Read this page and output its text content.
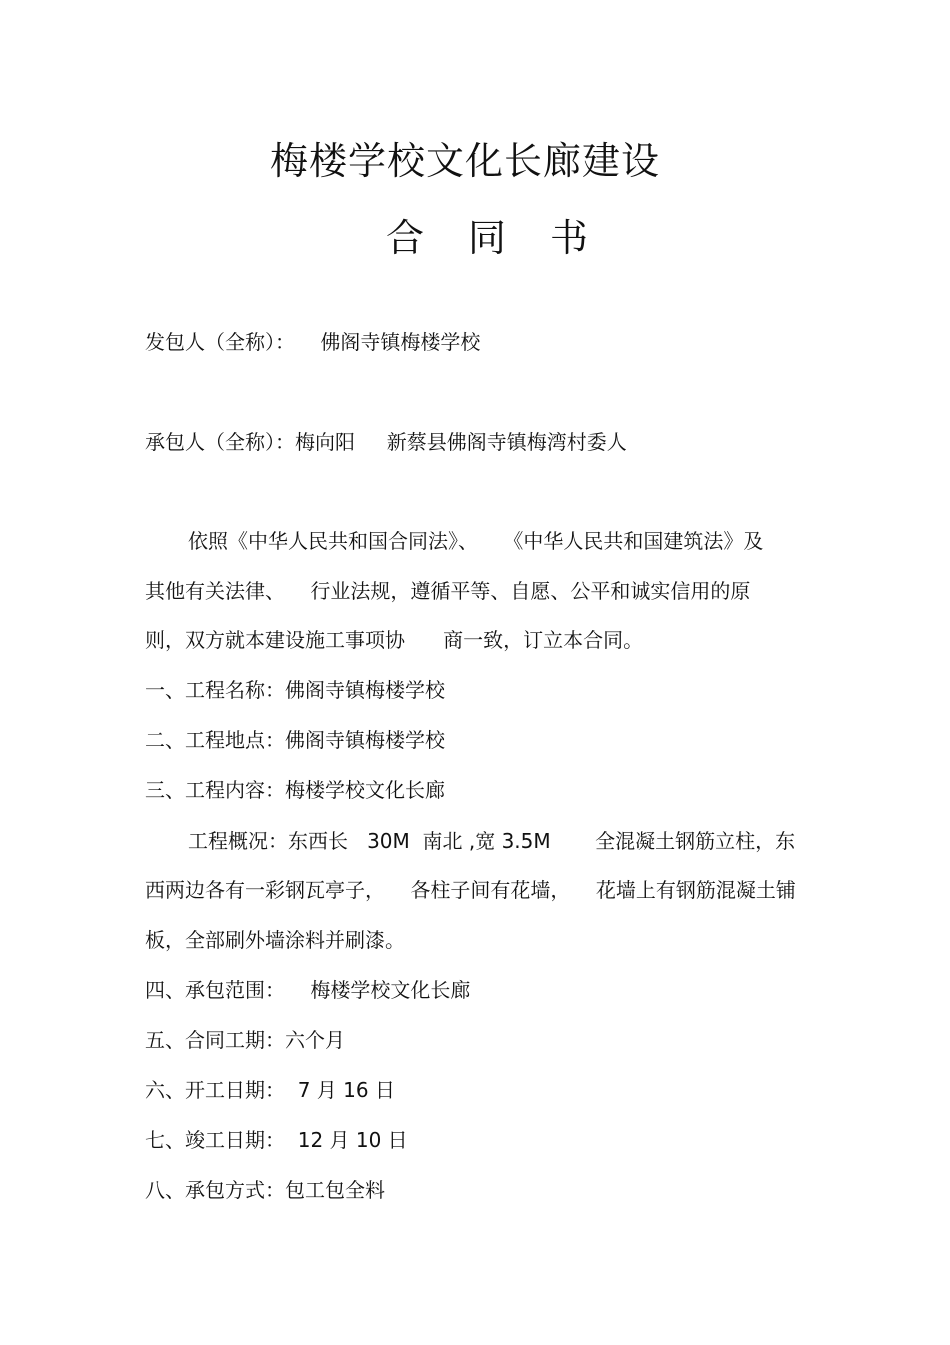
梅楼学校文化长廊建设
合同书
发包人（全称）：    佛阁寺镇梅楼学校
承包人（全称）：梅向阳     新蔡县佛阁寺镇梅湾村委人
依照《中华人民共和国合同法》、    《中华人民共和国建筑法》及
其他有关法律、    行业法规，遵循平等、自愿、公平和诚实信用的原
则，双方就本建设施工事项协      商一致，订立本合同。
一、工程名称：佛阁寺镇梅楼学校
二、工程地点：佛阁寺镇梅楼学校
三、工程内容：梅楼学校文化长廊
工程概况：东西长   30M  南北 ,宽 3.5M       全混凝土钢筋立柱，东
西两边各有一彩钢瓦亭子，    各柱子间有花墙，    花墙上有钢筋混凝土铺
板，全部刷外墙涂料并刷漆。
四、承包范围：    梅楼学校文化长廊
五、合同工期：六个月
六、开工日期：  7 月 16 日
七、竣工日期：  12 月 10 日
八、承包方式：包工包全料
